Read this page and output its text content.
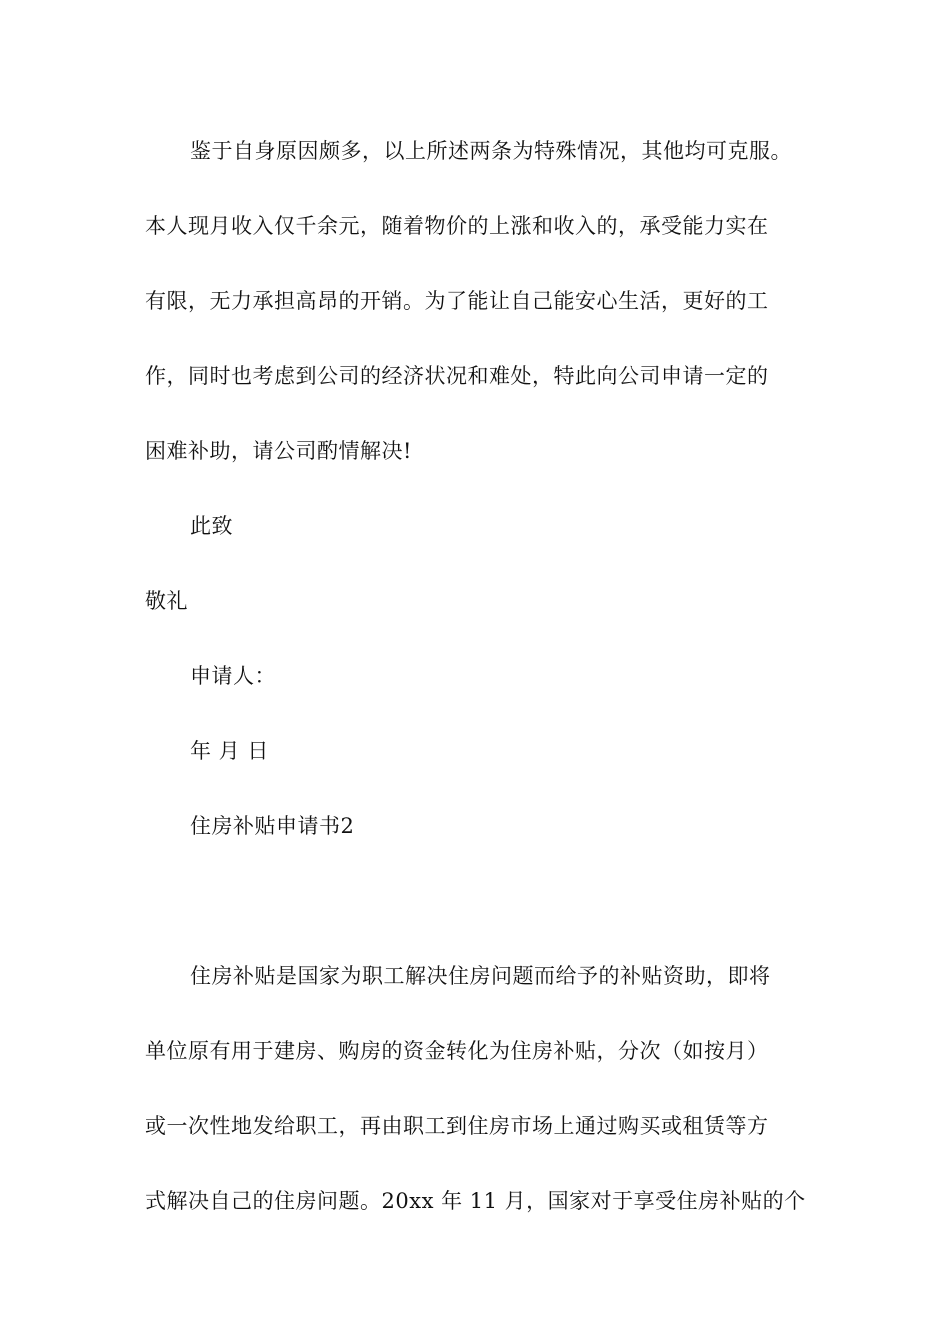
鉴于自身原因颇多，以上所述两条为特殊情况，其他均可克服。
本人现月收入仅千余元，随着物价的上涨和收入的，承受能力实在
有限，无力承担高昂的开销。为了能让自己能安心生活，更好的工
作，同时也考虑到公司的经济状况和难处，特此向公司申请一定的
困难补助，请公司酌情解决!
此致
敬礼
申请人：
年 月 日
住房补贴申请书2
住房补贴是国家为职工解决住房问题而给予的补贴资助，即将
单位原有用于建房、购房的资金转化为住房补贴，分次（如按月）
或一次性地发给职工，再由职工到住房市场上通过购买或租赁等方
式解决自己的住房问题。20xx 年 11 月，国家对于享受住房补贴的个
